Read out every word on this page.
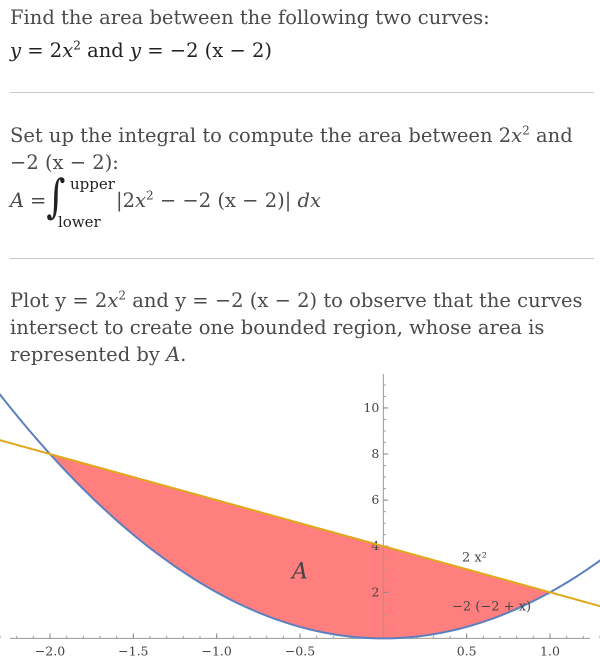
Find the area between the following two curves:
$y = 2x^2$ and y = −2 (x − 2)
Set up the integral to compute the area between $2x^2$ and
−2 (x − 2):
A = ∫ upper
lower
$|2x^2 - -2$ (x − 2)| dx
Plot $y = 2x^2$ and y = −2 (x − 2) to observe that the curves
intersect to create one bounded region, whose area is
represented by A.
−2.0	−1.5	−1.0	−0.5	0.5	1.0
2
4
6
8
10
2 x²
−2 (−2 + x)
A
